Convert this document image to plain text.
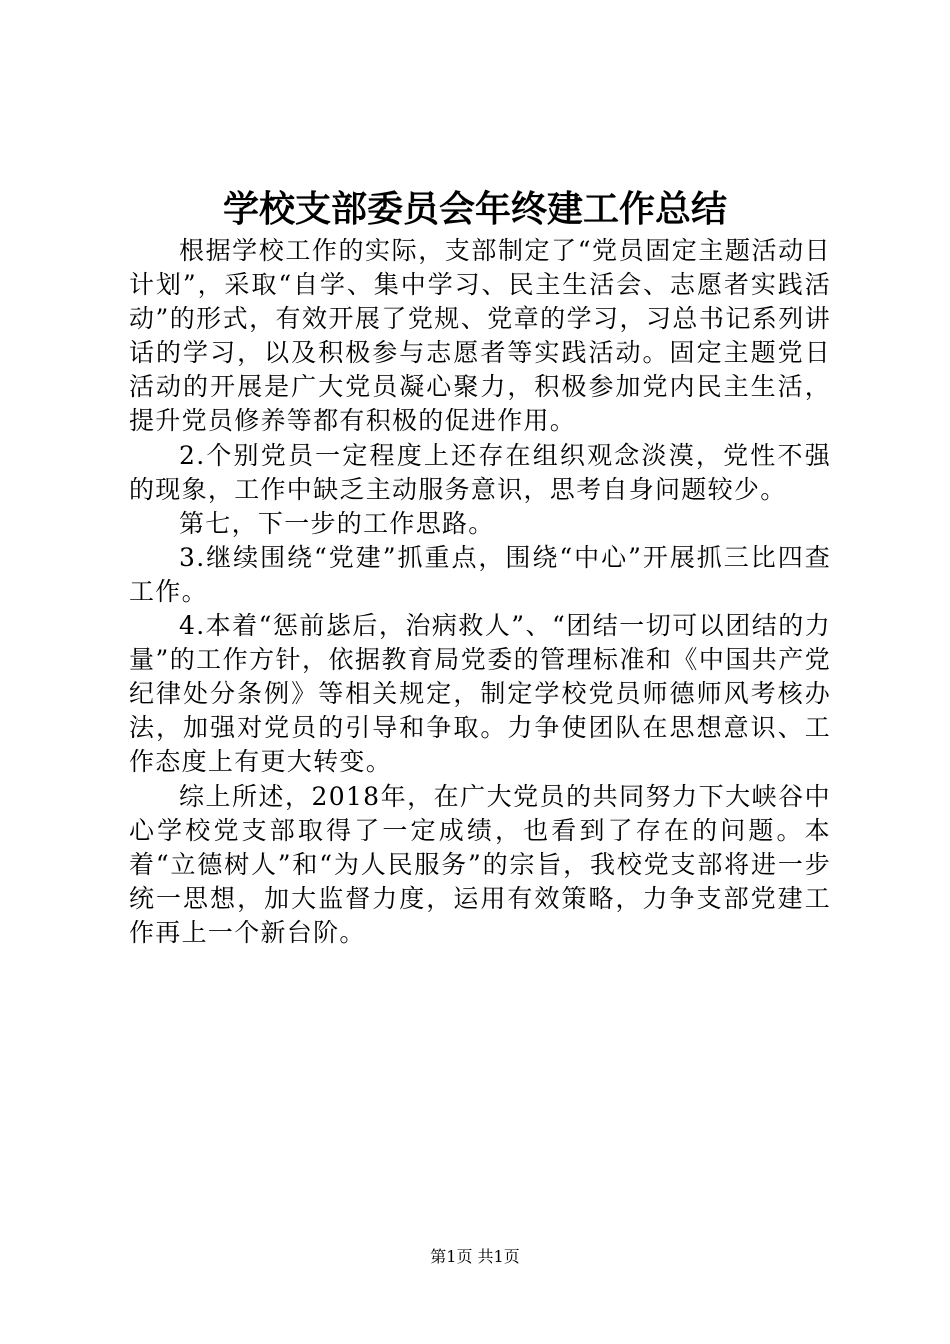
学校支部委员会年终建工作总结

根据学校工作的实际，支部制定了“党员固定主题活动日计划”，采取“自学、集中学习、民主生活会、志愿者实践活动”的形式，有效开展了党规、党章的学习，习总书记系列讲话的学习，以及积极参与志愿者等实践活动。固定主题党日活动的开展是广大党员凝心聚力，积极参加党内民主生活，提升党员修养等都有积极的促进作用。

2.个别党员一定程度上还存在组织观念淡漠，党性不强的现象，工作中缺乏主动服务意识，思考自身问题较少。

第七，下一步的工作思路。

3.继续围绕“党建”抓重点，围绕“中心”开展抓三比四查工作。

4.本着“惩前毖后，治病救人”、“团结一切可以团结的力量”的工作方针，依据教育局党委的管理标准和《中国共产党纪律处分条例》等相关规定，制定学校党员师德师风考核办法，加强对党员的引导和争取。力争使团队在思想意识、工作态度上有更大转变。

综上所述，2018年，在广大党员的共同努力下大峡谷中心学校党支部取得了一定成绩，也看到了存在的问题。本着“立德树人”和“为人民服务”的宗旨，我校党支部将进一步统一思想，加大监督力度，运用有效策略，力争支部党建工作再上一个新台阶。

第1页 共1页
